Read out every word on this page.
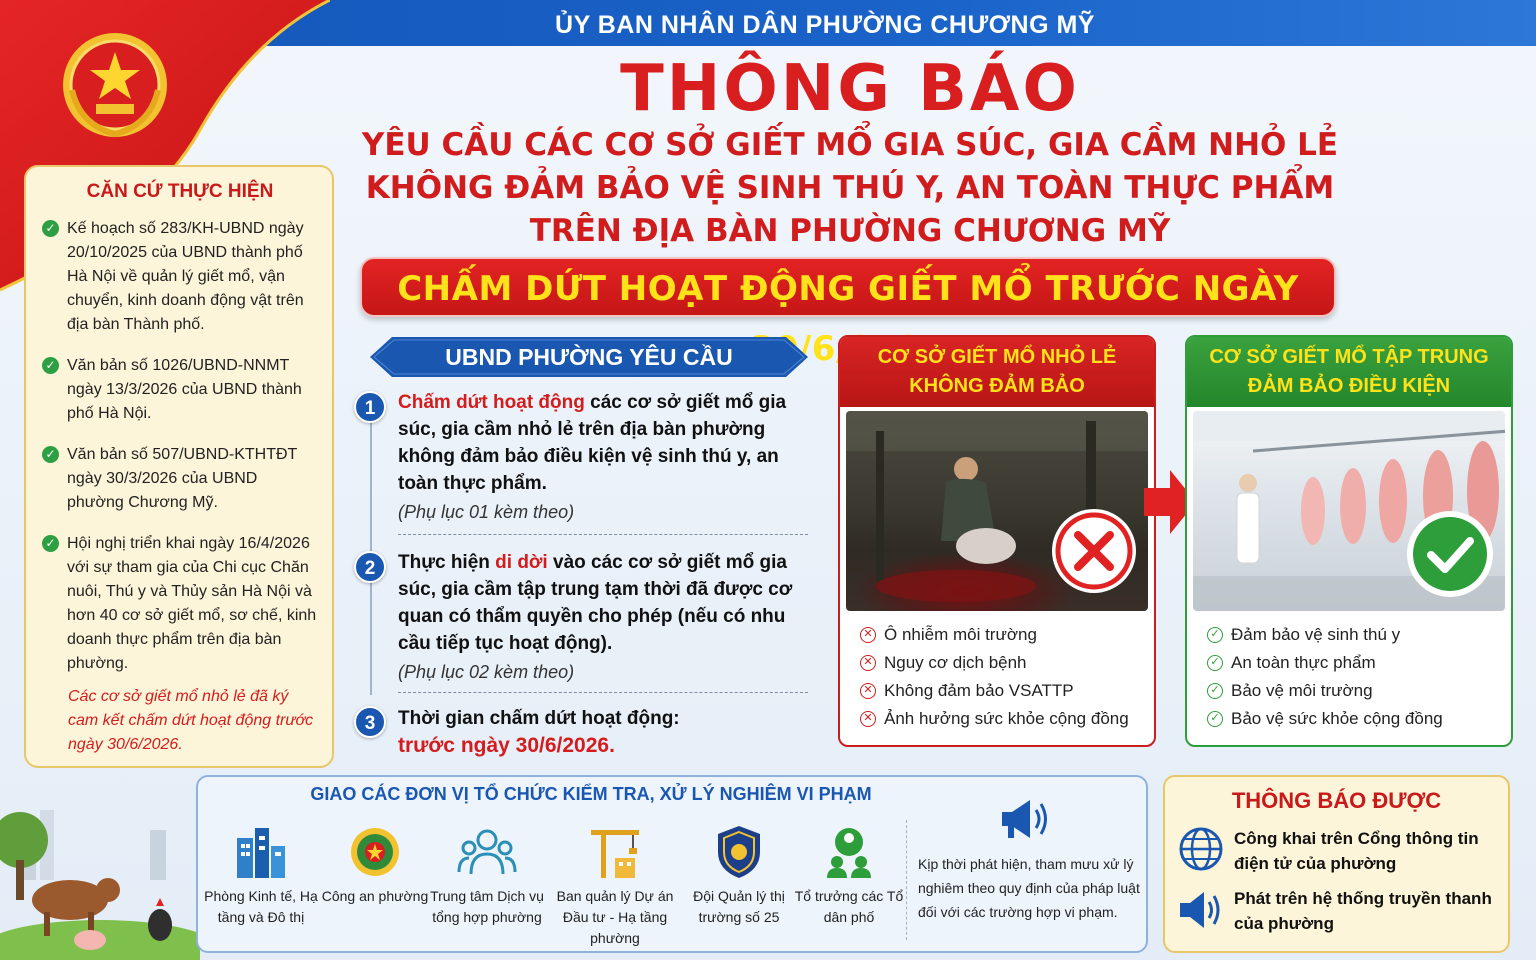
ỦY BAN NHÂN DÂN PHƯỜNG CHƯƠNG MỸ
THÔNG BÁO
YÊU CẦU CÁC CƠ SỞ GIẾT MỔ GIA SÚC, GIA CẦM NHỎ LẺ
KHÔNG ĐẢM BẢO VỆ SINH THÚ Y, AN TOÀN THỰC PHẨM
TRÊN ĐỊA BÀN PHƯỜNG CHƯƠNG MỸ
CHẤM DỨT HOẠT ĐỘNG GIẾT MỔ TRƯỚC NGÀY
CĂN CỨ THỰC HIỆN
✓ Kế hoạch số 283/KH-UBND ngày 20/10/2025 của UBND thành phố Hà Nội về quản lý giết mổ, vận chuyển, kinh doanh động vật trên địa bàn Thành phố.
✓ Văn bản số 1026/UBND-NNMT ngày 13/3/2026 của UBND thành phố Hà Nội.
✓ Văn bản số 507/UBND-KTHTĐT ngày 30/3/2026 của UBND phường Chương Mỹ.
✓ Hội nghị triển khai ngày 16/4/2026 với sự tham gia của Chi cục Chăn nuôi, Thú y và Thủy sản Hà Nội và hơn 40 cơ sở giết mổ, sơ chế, kinh doanh thực phẩm trên địa bàn phường.
Các cơ sở giết mổ nhỏ lẻ đã ký cam kết chấm dứt hoạt động trước ngày 30/6/2026.
UBND PHƯỜNG YÊU CẦU
1	Chấm dứt hoạt động các cơ sở giết mổ gia súc, gia cầm nhỏ lẻ trên địa bàn phường không đảm bảo điều kiện vệ sinh thú y, an toàn thực phẩm.
(Phụ lục 01 kèm theo)
2	Thực hiện di dời vào các cơ sở giết mổ gia súc, gia cầm tập trung tạm thời đã được cơ quan có thẩm quyền cho phép (nếu có nhu cầu tiếp tục hoạt động).
(Phụ lục 02 kèm theo)
3	Thời gian chấm dứt hoạt động:
trước ngày 30/6/2026.
CƠ SỞ GIẾT MỔ NHỎ LẺ
KHÔNG ĐẢM BẢO
✕ Ô nhiễm môi trường
✕ Nguy cơ dịch bệnh
✕ Không đảm bảo VSATTP
✕ Ảnh hưởng sức khỏe cộng đồng
CƠ SỞ GIẾT MỔ TẬP TRUNG
ĐẢM BẢO ĐIỀU KIỆN
✓ Đảm bảo vệ sinh thú y
✓ An toàn thực phẩm
✓ Bảo vệ môi trường
✓ Bảo vệ sức khỏe cộng đồng
GIAO CÁC ĐƠN VỊ TỔ CHỨC KIỂM TRA, XỬ LÝ NGHIÊM VI PHẠM
Phòng Kinh tế, Hạ tầng và Đô thị
Công an phường Trung tâm Dịch vụ tổng hợp phường
Ban quản lý Dự án Đầu tư - Hạ tầng phường
Đội Quản lý thị trường số 25
Tổ trưởng các Tổ dân phố
Kịp thời phát hiện, tham mưu xử lý nghiêm theo quy định của pháp luật đối với các trường hợp vi phạm.
THÔNG BÁO ĐƯỢC
Công khai trên Cổng thông tin điện tử của phường
Phát trên hệ thống truyền thanh của phường
